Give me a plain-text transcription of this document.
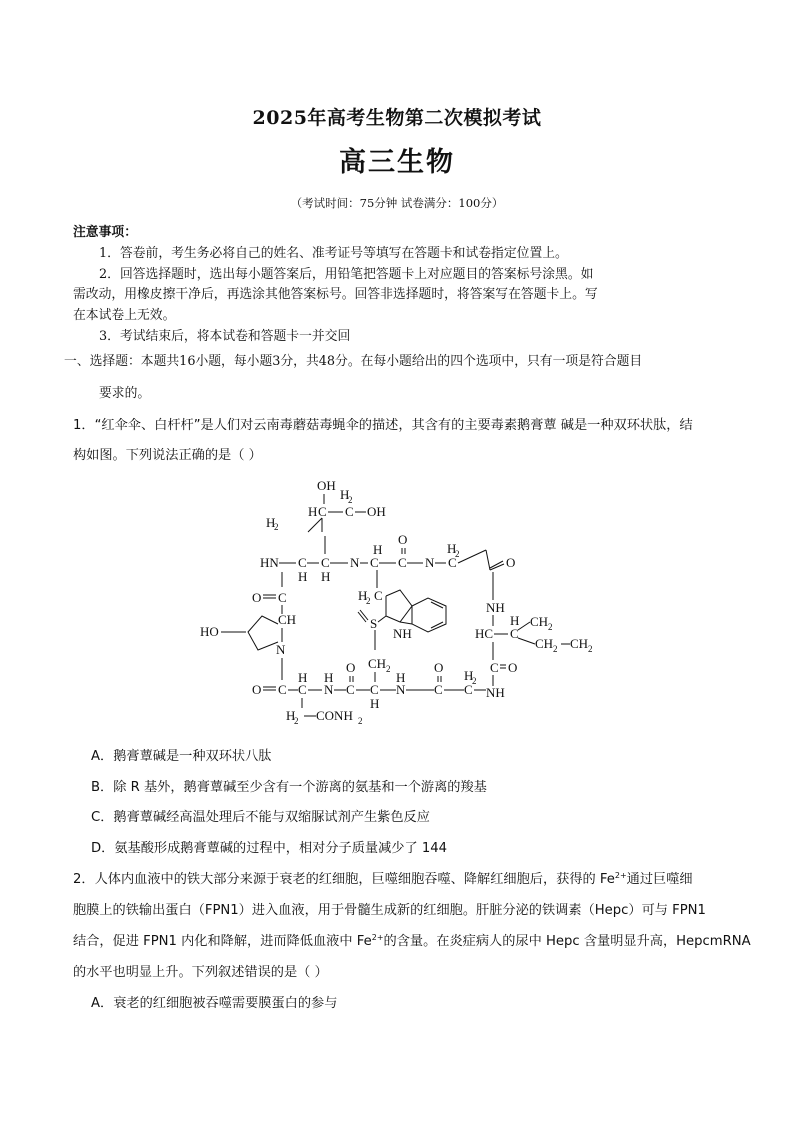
2025年高考生物第二次模拟考试
高三生物
（考试时间：75分钟 试卷满分：100分）
注意事项：
1．答卷前，考生务必将自己的姓名、准考证号等填写在答题卡和试卷指定位置上。
2．回答选择题时，选出每小题答案后，用铅笔把答题卡上对应题目的答案标号涂黑。如
需改动，用橡皮擦干净后，再选涂其他答案标号。回答非选择题时，将答案写在答题卡上。写
在本试卷上无效。
3．考试结束后，将本试卷和答题卡一并交回
一、选择题：本题共16小题，每小题3分，共48分。在每小题给出的四个选项中，只有一项是符合题目
要求的。
1．“红伞伞、白杆杆”是人们对云南毒蘑菇毒蝇伞的描述，其含有的主要毒素鹅膏蕈 碱是一种双环状肽，结
构如图。下列说法正确的是（ ）
OH
H
2
H C C OH
H
2
HN C
H
C
H
N C
H
C
O
N C
H
2
O
NH
HC C
H CH 2
CH 2 CH 2
C O
NH
H
2 C
NH
S
O C
CH
HO
N
O C C
H
N
H
C
O
C
H
CH 2
N
H
C
O
C
H
2
H
2 CONH 2
A．鹅膏蕈碱是一种双环状八肽
B．除 R 基外，鹅膏蕈碱至少含有一个游离的氨基和一个游离的羧基
C．鹅膏蕈碱经高温处理后不能与双缩脲试剂产生紫色反应
D．氨基酸形成鹅膏蕈碱的过程中，相对分子质量减少了 144
2．人体内血液中的铁大部分来源于衰老的红细胞，巨噬细胞吞噬、降解红细胞后，获得的 $Fe^{2+}$通过巨噬细
胞膜上的铁输出蛋白（FPN1）进入血液，用于骨髓生成新的红细胞。肝脏分泌的铁调素（Hepc）可与 FPN1
结合，促进 FPN1 内化和降解，进而降低血液中 $Fe^{2+}$的含量。在炎症病人的尿中 Hepc 含量明显升高，HepcmRNA
的水平也明显上升。下列叙述错误的是（ ）
A．衰老的红细胞被吞噬需要膜蛋白的参与
